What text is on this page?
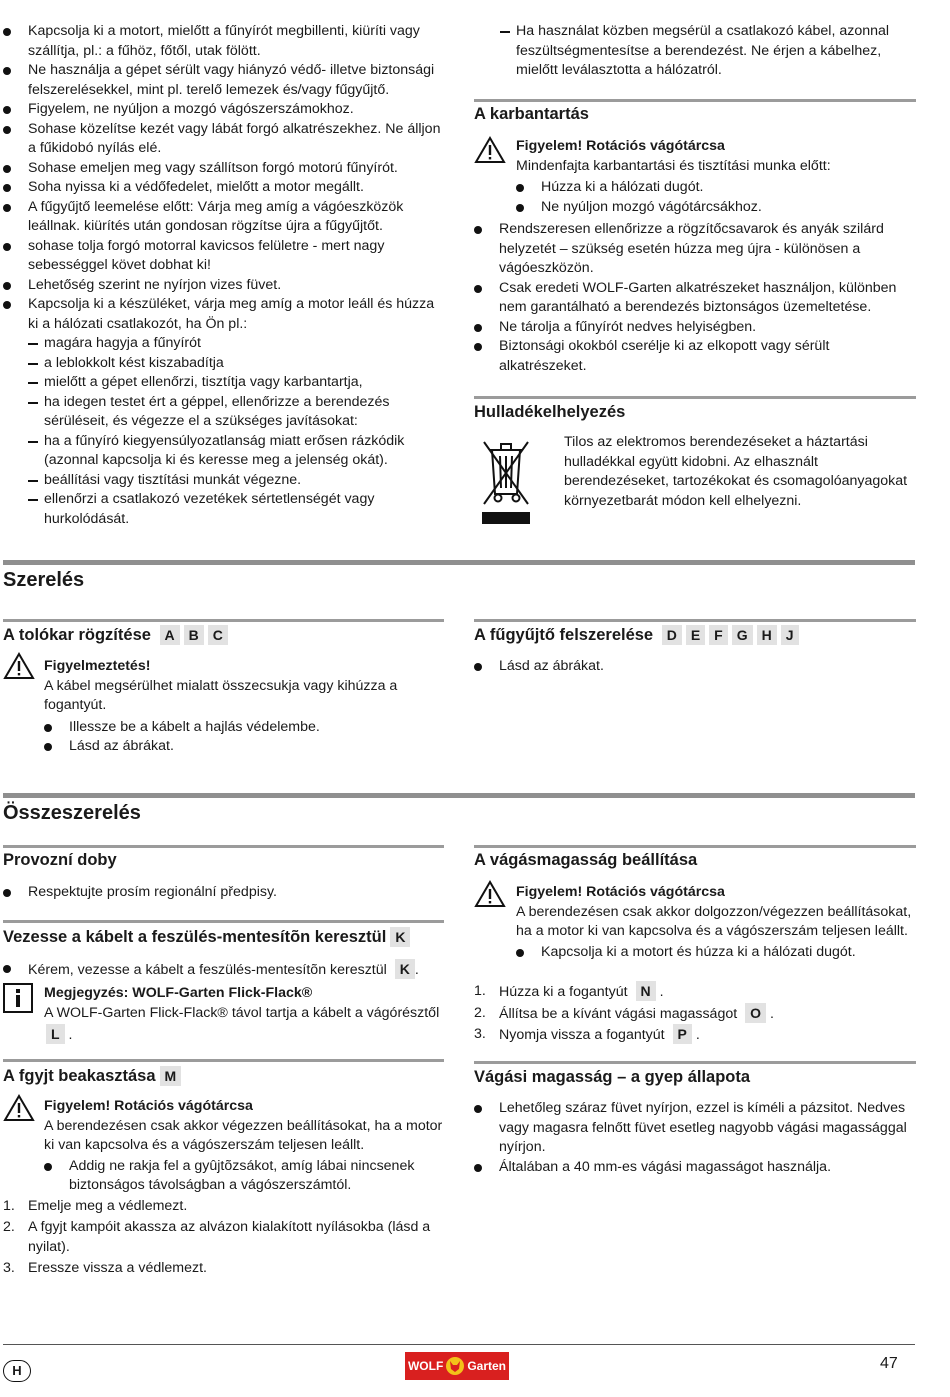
Kapcsolja ki a motort, mielőtt a fűnyírót megbillenti, kiüríti vagy szállítja, pl.: a fűhöz, főtől, utak fölött.
Ne használja a gépet sérült vagy hiányzó védő- illetve biztonsági felszerelésekkel, mint pl. terelő lemezek és/vagy fűgyűjtő.
Figyelem, ne nyúljon a mozgó vágószerszámokhoz.
Sohase közelítse kezét vagy lábát forgó alkatrészekhez. Ne álljon a fűkidobó nyílás elé.
Sohase emeljen meg vagy szállítson forgó motorú fűnyírót.
Soha nyissa ki a védőfedelet, mielőtt a motor megállt.
A fűgyűjtő leemelése előtt: Várja meg amíg a vágóeszközök leállnak. kiürítés után gondosan rögzítse újra a fűgyűjtőt.
sohase tolja forgó motorral kavicsos felületre - mert nagy sebességgel követ dobhat ki!
Lehetőség szerint ne nyírjon vizes füvet.
Kapcsolja ki a készüléket, várja meg amíg a motor leáll és húzza ki a hálózati csatlakozót, ha Ön pl.:
magára hagyja a fűnyírót
a leblokkolt kést kiszabadítja
mielőtt a gépet ellenőrzi, tisztítja vagy karbantartja,
ha idegen testet ért a géppel, ellenőrizze a berendezés sérüléseit, és végezze el a szükséges javításokat:
ha a fűnyíró kiegyensúlyozatlanság miatt erősen rázkódik (azonnal kapcsolja ki és keresse meg a jelenség okát).
beállítási vagy tisztítási munkát végezne.
ellenőrzi a csatlakozó vezetékek sértetlenségét vagy hurkolódását.
Ha használat közben megsérül a csatlakozó kábel, azonnal feszültségmentesítse a berendezést. Ne érjen a kábelhez, mielőtt leválasztotta a hálózatról.
A karbantartás

Figyelem! Rotációs vágótárcsa

Mindenfajta karbantartási és tisztítási munka előtt:

Húzza ki a hálózati dugót.
Ne nyúljon mozgó vágótárcsákhoz.
Rendszeresen ellenőrizze a rögzítőcsavarok és anyák szilárd helyzetét – szükség esetén húzza meg újra - különösen a vágóeszközön.
Csak eredeti WOLF-Garten alkatrészeket használjon, különben nem garantálható a berendezés biztonságos üzemeltetése.
Ne tárolja a fűnyírót nedves helyiségben.
Biztonsági okokból cserélje ki az elkopott vagy sérült alkatrészeket.
Hulladékelhelyezés

Tilos az elektromos berendezéseket a háztartási hulladékkal együtt kidobni. Az elhasznált berendezéseket, tartozékokat és csomagolóanyagokat környezetbarát módon kell elhelyezni.

Szerelés
A tolókar rögzítése A B C

Figyelmeztetés!

A kábel megsérülhet mialatt összecsukja vagy kihúzza a fogantyút.

Illessze be a kábelt a hajlás védelembe.
Lásd az ábrákat.
A fűgyűjtő felszerelése D E F G H J
Lásd az ábrákat.
Összeszerelés
Provozní doby
Respektujte prosím regionální předpisy.
Vezesse a kábelt a feszülés-mentesítõn keresztül K
Kérem, vezesse a kábelt a feszülés-mentesítõn keresztül K .

Megjegyzés: WOLF-Garten Flick-Flack®

A WOLF-Garten Flick-Flack® távol tartja a kábelt a vágórésztől

L .

A fgyjt beakasztása M

Figyelem! Rotációs vágótárcsa

A berendezésen csak akkor végezzen beállításokat, ha a motor ki van kapcsolva és a vágószerszám teljesen leállt.

Addig ne rakja fel a gyûjtõzsákot, amíg lábai nincsenek biztonságos távolságban a vágószerszámtól.
1. Emelje meg a védlemezt.
2. A fgyjt kampóit akassza az alvázon kialakított nyílásokba (lásd a nyilat).
3. Eressze vissza a védlemezt.
A vágásmagasság beállítása

Figyelem! Rotációs vágótárcsa

A berendezésen csak akkor dolgozzon/végezzen beállításokat, ha a motor ki van kapcsolva és a vágószerszám teljesen leállt.

Kapcsolja ki a motort és húzza ki a hálózati dugót.
1. Húzza ki a fogantyút N .
2. Állítsa be a kívánt vágási magasságot O .
3. Nyomja vissza a fogantyút P .
Vágási magasság – a gyep állapota
Lehetőleg száraz füvet nyírjon, ezzel is kíméli a pázsitot. Nedves vagy magasra felnőtt füvet esetleg nagyobb vágási magassággal nyírjon.
Általában a 40 mm-es vágási magasságot használja.
H	WOLF Garten	47
